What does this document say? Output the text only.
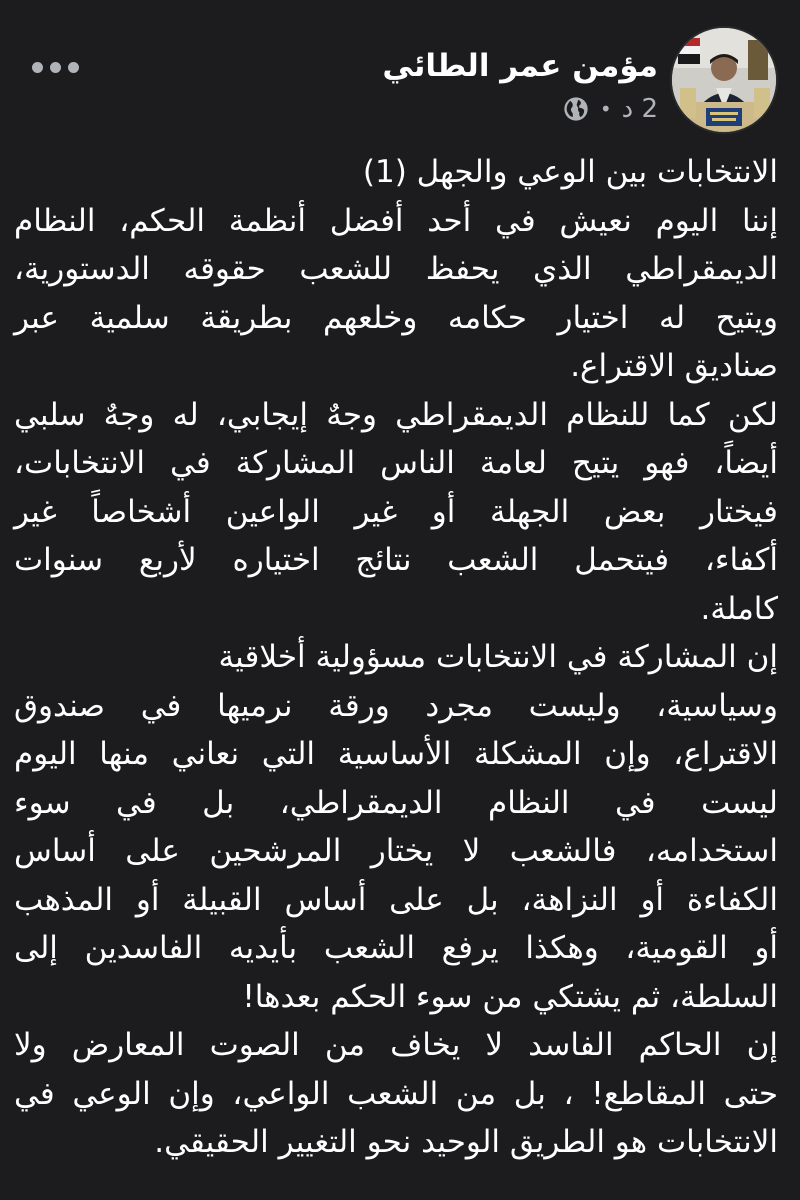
مؤمن عمر الطائي
2 د
•
الانتخابات بين الوعي والجهل (1)
إننا اليوم نعيش في أحد أفضل أنظمة الحكم، النظام
الديمقراطي الذي يحفظ للشعب حقوقه الدستورية،
ويتيح له اختيار حكامه وخلعهم بطريقة سلمية عبر
صناديق الاقتراع.
لكن كما للنظام الديمقراطي وجهٌ إيجابي، له وجهٌ سلبي
أيضاً، فهو يتيح لعامة الناس المشاركة في الانتخابات،
فيختار بعض الجهلة أو غير الواعين أشخاصاً غير
أكفاء، فيتحمل الشعب نتائج اختياره لأربع سنوات
كاملة.
إن المشاركة في الانتخابات مسؤولية أخلاقية
وسياسية، وليست مجرد ورقة نرميها في صندوق
الاقتراع، وإن المشكلة الأساسية التي نعاني منها اليوم
ليست في النظام الديمقراطي، بل في سوء
استخدامه، فالشعب لا يختار المرشحين على أساس
الكفاءة أو النزاهة، بل على أساس القبيلة أو المذهب
أو القومية، وهكذا يرفع الشعب بأيديه الفاسدين إلى
السلطة، ثم يشتكي من سوء الحكم بعدها!
إن الحاكم الفاسد لا يخاف من الصوت المعارض ولا
حتى المقاطع! ، بل من الشعب الواعي، وإن الوعي في
الانتخابات هو الطريق الوحيد نحو التغيير الحقيقي.
